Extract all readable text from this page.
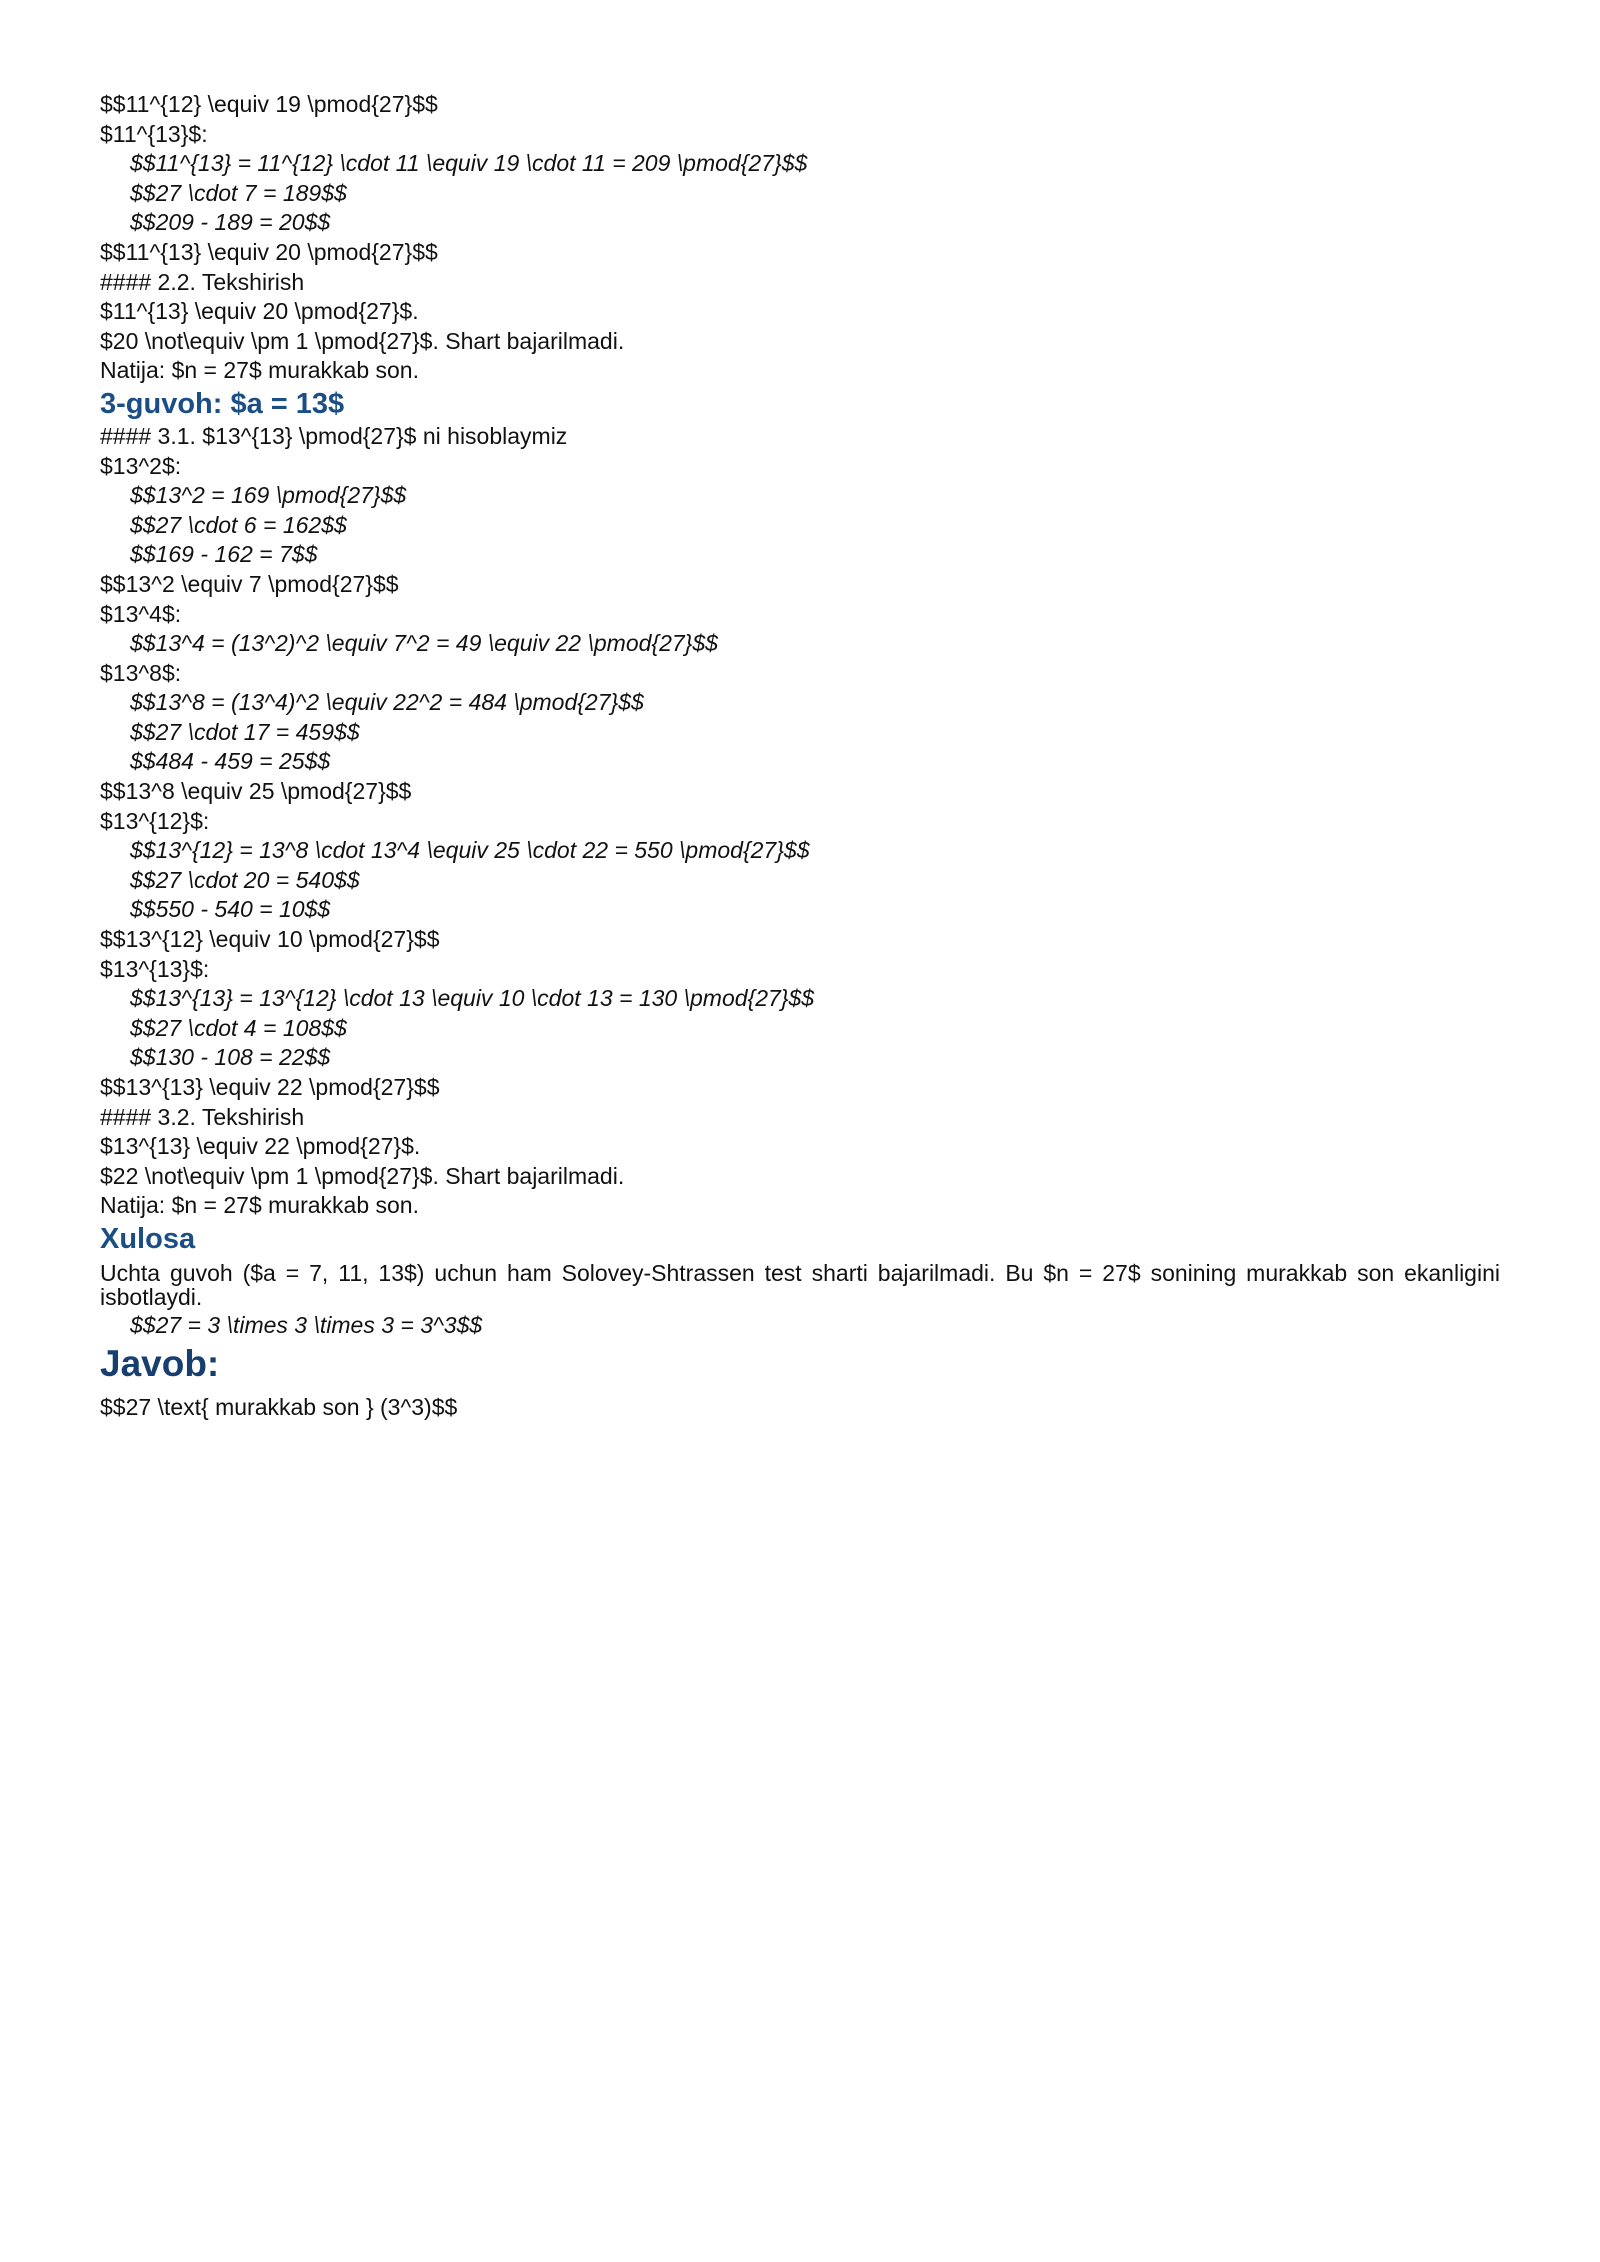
$$11^{12} \equiv 19 \pmod{27}$$
$11^{13}$:
$$11^{13} = 11^{12} \cdot 11 \equiv 19 \cdot 11 = 209 \pmod{27}$$
$$27 \cdot 7 = 189$$
$$209 - 189 = 20$$
$$11^{13} \equiv 20 \pmod{27}$$
#### 2.2. Tekshirish
$11^{13} \equiv 20 \pmod{27}$.
$20 \not\equiv \pm 1 \pmod{27}$. Shart bajarilmadi.
Natija: $n = 27$ murakkab son.
3-guvoh: $a = 13$
#### 3.1. $13^{13} \pmod{27}$ ni hisoblaymiz
$13^2$:
$$13^2 = 169 \pmod{27}$$
$$27 \cdot 6 = 162$$
$$169 - 162 = 7$$
$$13^2 \equiv 7 \pmod{27}$$
$13^4$:
$$13^4 = (13^2)^2 \equiv 7^2 = 49 \equiv 22 \pmod{27}$$
$13^8$:
$$13^8 = (13^4)^2 \equiv 22^2 = 484 \pmod{27}$$
$$27 \cdot 17 = 459$$
$$484 - 459 = 25$$
$$13^8 \equiv 25 \pmod{27}$$
$13^{12}$:
$$13^{12} = 13^8 \cdot 13^4 \equiv 25 \cdot 22 = 550 \pmod{27}$$
$$27 \cdot 20 = 540$$
$$550 - 540 = 10$$
$$13^{12} \equiv 10 \pmod{27}$$
$13^{13}$:
$$13^{13} = 13^{12} \cdot 13 \equiv 10 \cdot 13 = 130 \pmod{27}$$
$$27 \cdot 4 = 108$$
$$130 - 108 = 22$$
$$13^{13} \equiv 22 \pmod{27}$$
#### 3.2. Tekshirish
$13^{13} \equiv 22 \pmod{27}$.
$22 \not\equiv \pm 1 \pmod{27}$. Shart bajarilmadi.
Natija: $n = 27$ murakkab son.
Xulosa
Uchta guvoh ($a = 7, 11, 13$) uchun ham Solovey-Shtrassen test sharti bajarilmadi. Bu $n = 27$ sonining murakkab son ekanligini isbotlaydi.
$$27 = 3 \times 3 \times 3 = 3^3$$
Javob:
$$27 \text{ murakkab son } (3^3)$$
